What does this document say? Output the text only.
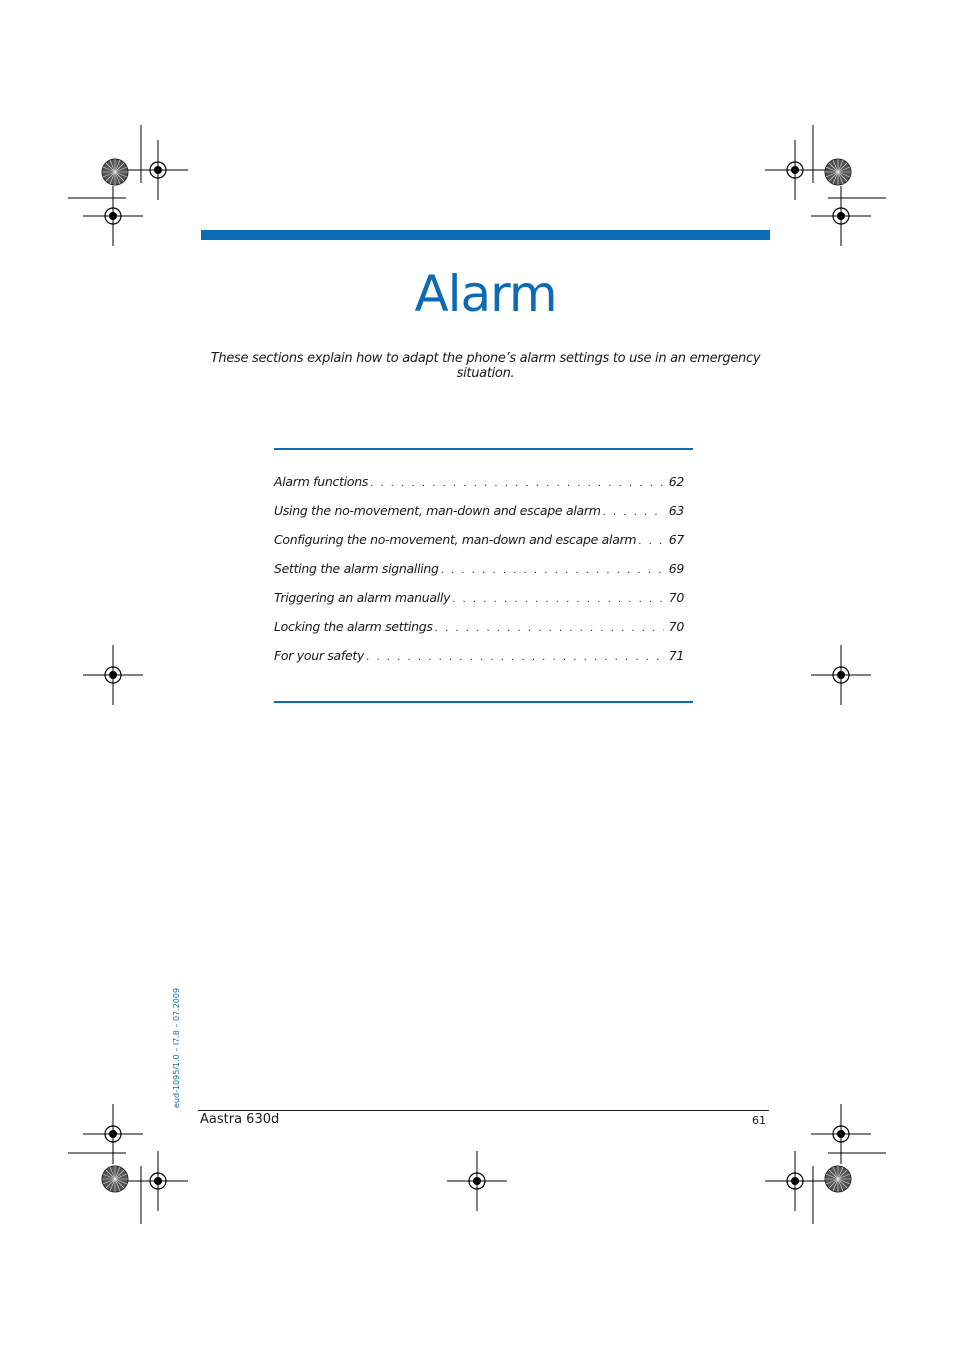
Alarm

These sections explain how to adapt the phone’s alarm settings to use in an emergency situation.

Alarm functions . . .	62
Using the no-movement, man-down and escape alarm . . .	63
Configuring the no-movement, man-down and escape alarm . . .	67
Setting the alarm signalling . . .	69
Triggering an alarm manually . . .	70
Locking the alarm settings . . .	70
For your safety . . .	71
eud-1095/1.0 – I7.8 – 07.2009
Aastra 630d	61
